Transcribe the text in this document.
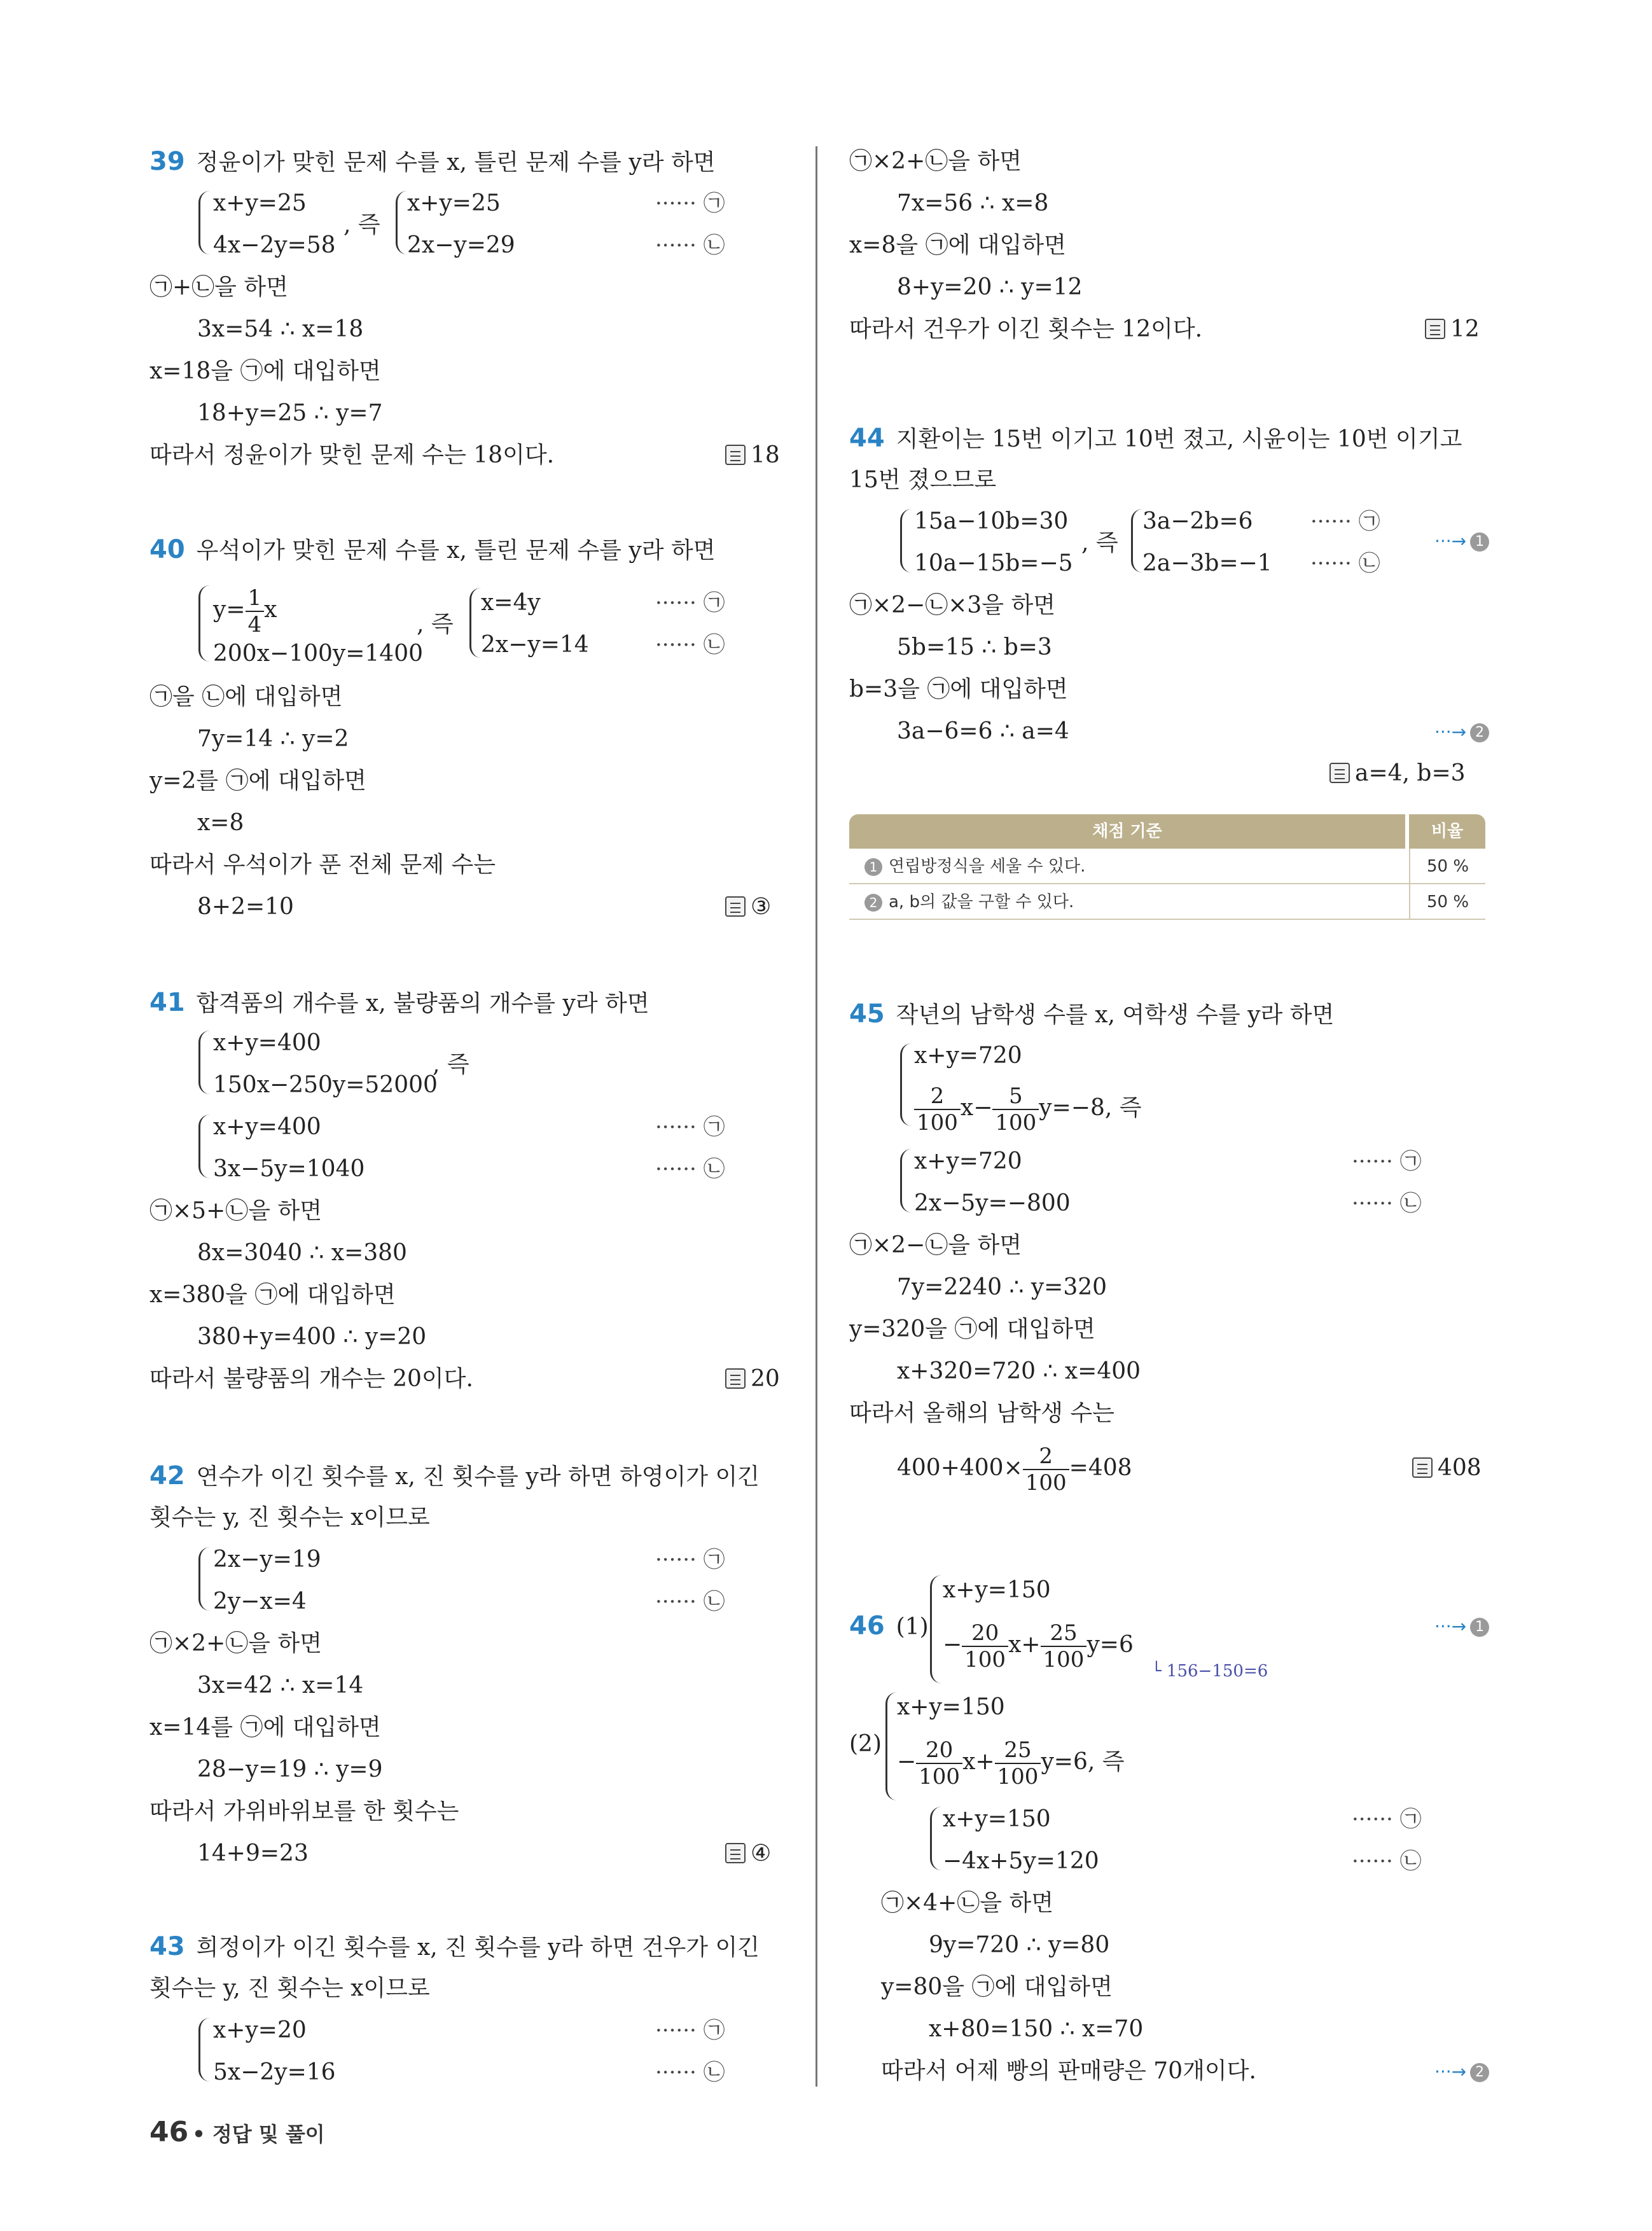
39 정윤이가 맞힌 문제 수를 x, 틀린 문제 수를 y라 하면
x+y=25
4x−2y=58
, 즉
x+y=25
2x−y=29
······ ㉠
······ ㉡
㉠+㉡을 하면
3x=54 ∴ x=18
x=18을 ㉠에 대입하면
18+y=25 ∴ y=7
따라서 정윤이가 맞힌 문제 수는 18이다.	18
40 우석이가 맞힌 문제 수를 x, 틀린 문제 수를 y라 하면
$y= \frac{1}{4}$ x
200x−100y=1400
, 즉
x=4y
2x−y=14
······ ㉠
······ ㉡
㉠을 ㉡에 대입하면
7y=14 ∴ y=2
y=2를 ㉠에 대입하면
x=8
따라서 우석이가 푼 전체 문제 수는
8+2=10	③
41 합격품의 개수를 x, 불량품의 개수를 y라 하면
x+y=400
150x−250y=52000
, 즉
x+y=400
3x−5y=1040
······ ㉠
······ ㉡
㉠×5+㉡을 하면
8x=3040 ∴ x=380
x=380을 ㉠에 대입하면
380+y=400 ∴ y=20
따라서 불량품의 개수는 20이다.	20
42 연수가 이긴 횟수를 x, 진 횟수를 y라 하면 하영이가 이긴
횟수는 y, 진 횟수는 x이므로
2x−y=19
2y−x=4
······ ㉠
······ ㉡
㉠×2+㉡을 하면
3x=42 ∴ x=14
x=14를 ㉠에 대입하면
28−y=19 ∴ y=9
따라서 가위바위보를 한 횟수는
14+9=23	④
43 희정이가 이긴 횟수를 x, 진 횟수를 y라 하면 건우가 이긴
횟수는 y, 진 횟수는 x이므로
x+y=20
5x−2y=16
······ ㉠
······ ㉡
㉠×2+㉡을 하면
7x=56 ∴ x=8
x=8을 ㉠에 대입하면
8+y=20 ∴ y=12
따라서 건우가 이긴 횟수는 12이다.	12
44 지환이는 15번 이기고 10번 졌고, 시윤이는 10번 이기고
15번 졌으므로
15a−10b=30
10a−15b=−5
, 즉
3a−2b=6
2a−3b=−1
······ ㉠
······ ㉡
···→ 1
㉠×2−㉡×3을 하면
5b=15 ∴ b=3
b=3을 ㉠에 대입하면
3a−6=6 ∴ a=4	···→ 2
a=4, b=3
채점 기준	비율
1 연립방정식을 세울 수 있다.	50 %
2 a, b의 값을 구할 수 있다.	50 %
45 작년의 남학생 수를 x, 여학생 수를 y라 하면
x+y=720
$\frac{2}{100} x- \frac{5}{100} y=-8$, 즉
x+y=720
2x−5y=−800
······ ㉠
······ ㉡
㉠×2−㉡을 하면
7y=2240 ∴ y=320
y=320을 ㉠에 대입하면
x+320=720 ∴ x=400
따라서 올해의 남학생 수는
$400+400\times \frac{2}{100} =408$	408
46 (1)
x+y=150
− $\frac{20}{100} x+ \frac{25}{100} y=6$
└ 156−150=6
···→ 1
(2)
x+y=150
− $\frac{20}{100} x+ \frac{25}{100} y=6$, 즉
x+y=150
−4x+5y=120
······ ㉠
······ ㉡
㉠×4+㉡을 하면
9y=720 ∴ y=80
y=80을 ㉠에 대입하면
x+80=150 ∴ x=70
따라서 어제 빵의 판매량은 70개이다.	···→ 2
46 • 정답 및 풀이
